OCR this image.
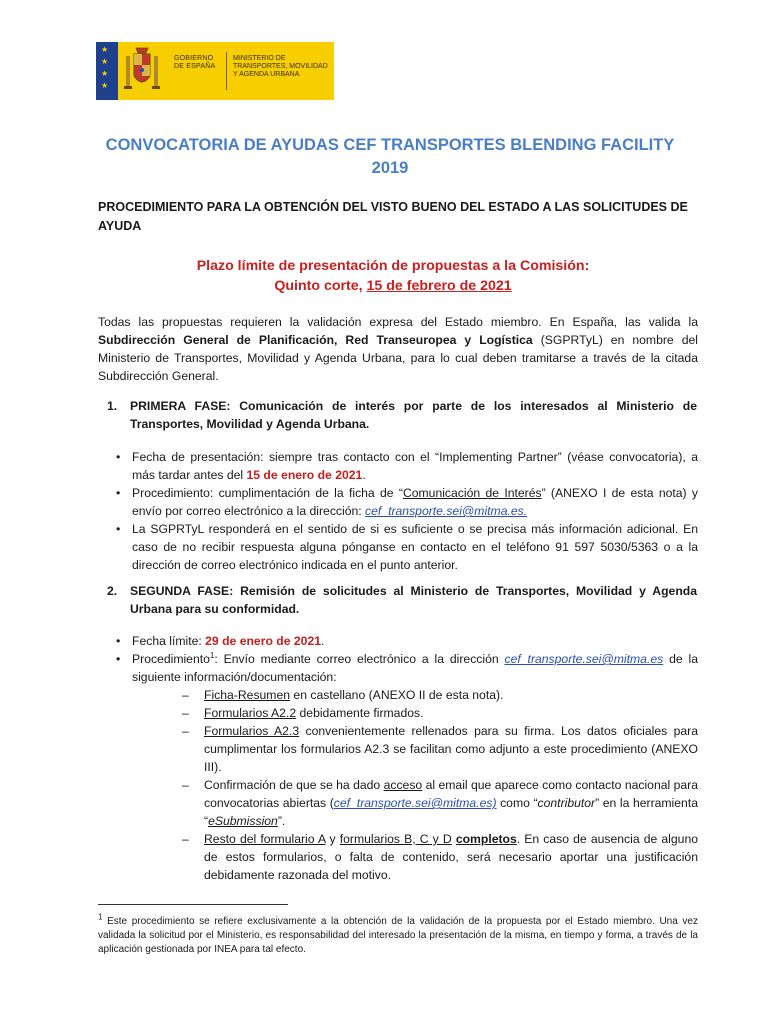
★
★
★
★
GOBIERNO DE ESPAÑA
MINISTERIO DE TRANSPORTES, MOVILIDAD Y AGENDA URBANA
CONVOCATORIA DE AYUDAS CEF TRANSPORTES BLENDING FACILITY 2019
PROCEDIMIENTO PARA LA OBTENCIÓN DEL VISTO BUENO DEL ESTADO A LAS SOLICITUDES DE AYUDA
Plazo límite de presentación de propuestas a la Comisión:
Quinto corte, 15 de febrero de 2021

Todas las propuestas requieren la validación expresa del Estado miembro. En España, las valida la Subdirección General de Planificación, Red Transeuropea y Logística (SGPRTyL) en nombre del Ministerio de Transportes, Movilidad y Agenda Urbana, para lo cual deben tramitarse a través de la citada Subdirección General.

1. PRIMERA FASE: Comunicación de interés por parte de los interesados al Ministerio de Transportes, Movilidad y Agenda Urbana.
• Fecha de presentación: siempre tras contacto con el “Implementing Partner” (véase convocatoria), a más tardar antes del 15 de enero de 2021.
• Procedimiento: cumplimentación de la ficha de “Comunicación de Interés” (ANEXO I de esta nota) y envío por correo electrónico a la dirección: cef_transporte.sei@mitma.es.
• La SGPRTyL responderá en el sentido de si es suficiente o se precisa más información adicional. En caso de no recibir respuesta alguna pónganse en contacto en el teléfono 91 597 5030/5363 o a la dirección de correo electrónico indicada en el punto anterior.
2. SEGUNDA FASE: Remisión de solicitudes al Ministerio de Transportes, Movilidad y Agenda Urbana para su conformidad.
• Fecha límite: 29 de enero de 2021.
• Procedimiento$^1$: Envío mediante correo electrónico a la dirección cef_transporte.sei@mitma.es de la siguiente información/documentación:
– Ficha-Resumen en castellano (ANEXO II de esta nota).
– Formularios A2.2 debidamente firmados.
– Formularios A2.3 convenientemente rellenados para su firma. Los datos oficiales para cumplimentar los formularios A2.3 se facilitan como adjunto a este procedimiento (ANEXO III).
– Confirmación de que se ha dado acceso al email que aparece como contacto nacional para convocatorias abiertas (cef_transporte.sei@mitma.es) como “contributor” en la herramienta “eSubmission”.
– Resto del formulario A y formularios B, C y D completos. En caso de ausencia de alguno de estos formularios, o falta de contenido, será necesario aportar una justificación debidamente razonada del motivo.

$^1$ Este procedimiento se refiere exclusivamente a la obtención de la validación de la propuesta por el Estado miembro. Una vez validada la solicitud por el Ministerio, es responsabilidad del interesado la presentación de la misma, en tiempo y forma, a través de la aplicación gestionada por INEA para tal efecto.
